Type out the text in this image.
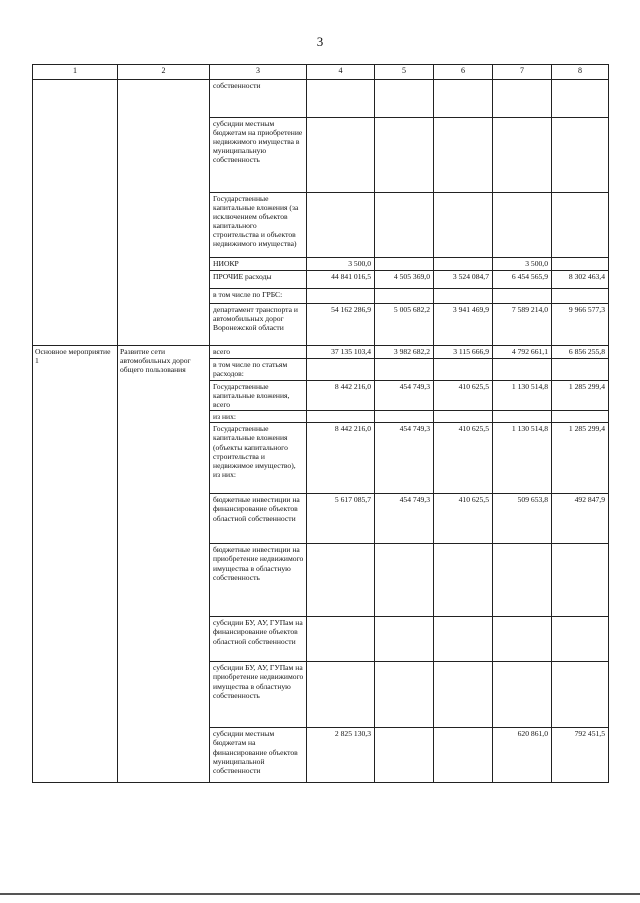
3
1	2	3	4	5	6	7	8
		собственности					
		субсидии местным бюджетам на приобретение недвижимого имущества в муниципальную собственность					
		Государственные капитальные вложения (за исключением объектов капитального строительства и объектов недвижимого имущества)					
		НИОКР	3 500,0			3 500,0	
		ПРОЧИЕ расходы	44 841 016,5	4 505 369,0	3 524 084,7	6 454 565,9	8 302 463,4
		в том числе по ГРБС:					
		департамент транспорта и автомобильных дорог Воронежской области	54 162 286,9	5 005 682,2	3 941 469,9	7 589 214,0	9 966 577,3
Основное мероприятие 1	Развитие сети автомобильных дорог общего пользования	всего	37 135 103,4	3 982 682,2	3 115 666,9	4 792 661,1	6 856 255,8
		в том числе по статьям расходов:					
		Государственные капитальные вложения, всего	8 442 216,0	454 749,3	410 625,5	1 130 514,8	1 285 299,4
		из них:					
		Государственные капитальные вложения (объекты капитального строительства и недвижимое имущество), из них:	8 442 216,0	454 749,3	410 625,5	1 130 514,8	1 285 299,4
		бюджетные инвестиции на финансирование объектов областной собственности	5 617 085,7	454 749,3	410 625,5	509 653,8	492 847,9
		бюджетные инвестиции на приобретение недвижимого имущества в областную собственность					
		субсидии БУ, АУ, ГУПам на финансирование объектов областной собственности					
		субсидии БУ, АУ, ГУПам на приобретение недвижимого имущества в областную собственность					
		субсидии местным бюджетам на финансирование объектов муниципальной собственности	2 825 130,3			620 861,0	792 451,5
